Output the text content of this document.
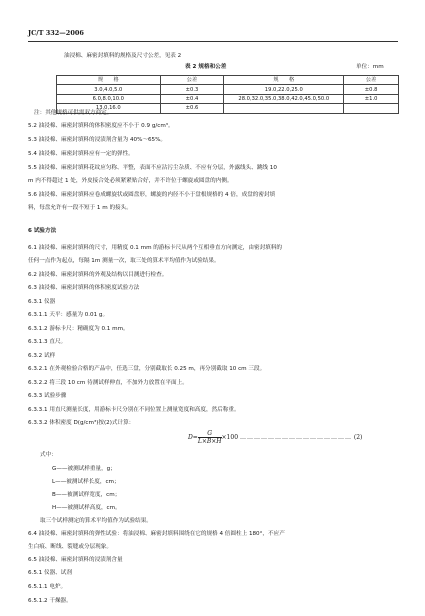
JC/T 332—2006
油浸棉、麻密封填料的规格及尺寸公差，见表 2
表 2 规格和公差	单位：mm
规　　格	公差	规　　格	公差
3.0,4.0,5.0	±0.3	19.0,22.0,25.0	±0.8
6.0,8.0,10.0	±0.4	28.0,32.0,35.0,38.0,42.0,45.0,50.0	±1.0
13.0,16.0	±0.6		
注：其他规格可供需双方商定。
5.2 油浸棉、麻密封填料的体积密度应不小于 0.9 g/cm³。
5.3 油浸棉、麻密封填料的浸渍剂含量为 40%～65%。
5.4 油浸棉、麻密封填料应有一定的弹性。
5.5 油浸棉、麻密封填料花纹应匀称、平整，表面不应沾污尘杂质、不应有分层，外露线头、跳线 10
m 内不得超过 1 处，外皮接合处必须紧紧贴合好，并不许位于螺旋或圆盘的内侧。
5.6 油浸棉、麻密封填料应卷成螺旋状或圆盘形，螺旋的内径不小于盘根规格的 4 倍，成盘的密封填
料，每盘允许有一段不短于 1 m 的接头。
6 试验方法
6.1 油浸棉、麻密封填料的尺寸，用精度 0.1 mm 的游标卡尺从两个互相垂直方向测定，由密封填料的
任何一点作为起点，每隔 1m 测量一次，取三处的算术平均值作为试验结果。
6.2 油浸棉、麻密封填料的外观及结构以目测进行检查。
6.3 油浸棉、麻密封填料的体积密度试验方法
6.3.1 仪器
6.3.1.1 天平：感量为 0.01 g。
6.3.1.2 游标卡尺：精确度为 0.1 mm。
6.3.1.3 直尺。
6.3.2 试样
6.3.2.1 在外观检验合格的产品中，任选三盘，分别截取长 0.25 m，再分别截取 10 cm 三段。
6.3.2.2 将三段 10 cm 待测试样伸直，不加外力放置在平面上。
6.3.3 试验步骤
6.3.3.1 用直尺测量长度，用游标卡尺分别在不同位置上测量宽度和高度，然后称重。
6.3.3.2 体积密度 D(g/cm³)按(2)式计算：
$D= \frac{G}{L\times B\times H} \times 100$ ………………………………………… (2)
式中：
G——被测试样重量，g；
L——被测试样长度，cm；
B——被测试样宽度，cm；
H——被测试样高度，cm。
取三个试样测定的算术平均值作为试验结果。
6.4 油浸棉、麻密封填料的弹性试验：将油浸棉、麻密封填料围绕在它的规格 4 倍圆柱上 180°，不应产
生白痕、断线、裂缝或分层现象。
6.5 油浸棉、麻密封填料的浸渍剂含量
6.5.1 仪器、试剂
6.5.1.1 电炉。
6.5.1.2 干燥器。
